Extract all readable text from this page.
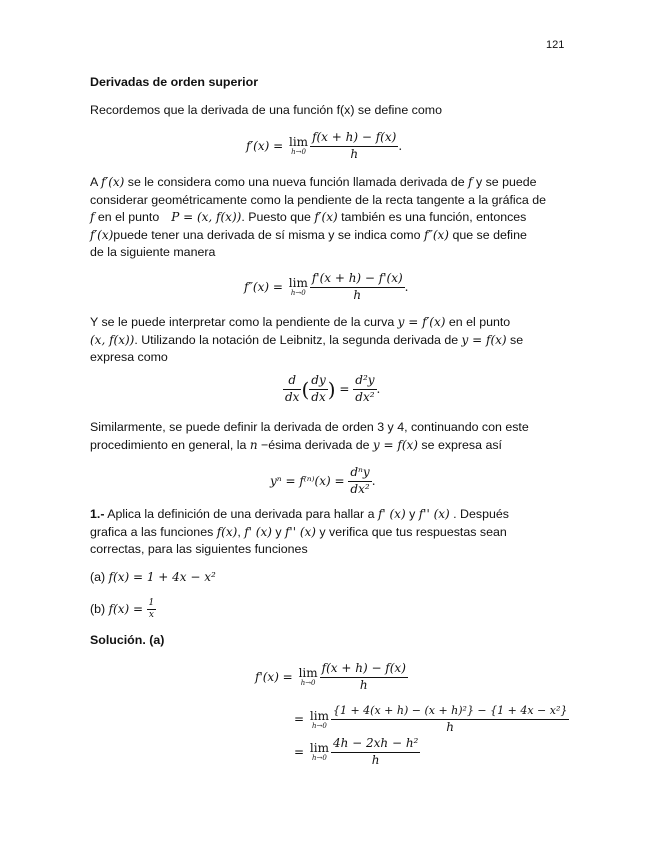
121
Derivadas de orden superior
Recordemos que la derivada de una función f(x) se define como
f′(x) = lim
$h\to 0 \frac{f(x + h) - f(x)}{h}$ .
A f′(x) se le considera como una nueva función llamada derivada de f y se puede
considerar geométricamente como la pendiente de la recta tangente a la gráfica de
f en el punto P = (x, f(x)). Puesto que f′(x) también es una función, entonces
f′(x)puede tener una derivada de sí misma y se indica como f″(x) que se define
de la siguiente manera
f″(x) = lim
$h\to 0 \frac{f'(x + h) - f'(x)}{h}$ .
Y se le puede interpretar como la pendiente de la curva y = f′(x) en el punto
(x, f(x)). Utilizando la notación de Leibnitz, la segunda derivada de y = f(x) se
expresa como
$\frac{d}{dx}$ ( $\frac{dy}{dx}$ ) = $\frac{\text{d²y}}{\text{dx²}}$ .
Similarmente, se puede definir la derivada de orden 3 y 4, continuando con este
procedimiento en general, la n −ésima derivada de y = f(x) se expresa así
$y^n = f^{(n)}(x) = \frac{\text{dⁿy}}{\text{dx²}}$ .
1.- Aplica la definición de una derivada para hallar a f' (x) y f'' (x) . Después
grafica a las funciones f(x), f' (x) y f'' (x) y verifica que tus respuestas sean
correctas, para las siguientes funciones
(a) f(x) = 1 + 4x − x²
(b) $f(x) = \frac{1}{x}$
Solución. (a)
f'(x) = lim
$h\to 0 \frac{f(x + h) - f(x)}{h}$
= lim
$h\to 0 \frac{\text{\{1 + 4(x + h) − (x + h)²\} − \{1 + 4x − x²\}}}{h}$
= lim
$h\to 0 \frac{\text{4h − 2xh − h²}}{h}$
